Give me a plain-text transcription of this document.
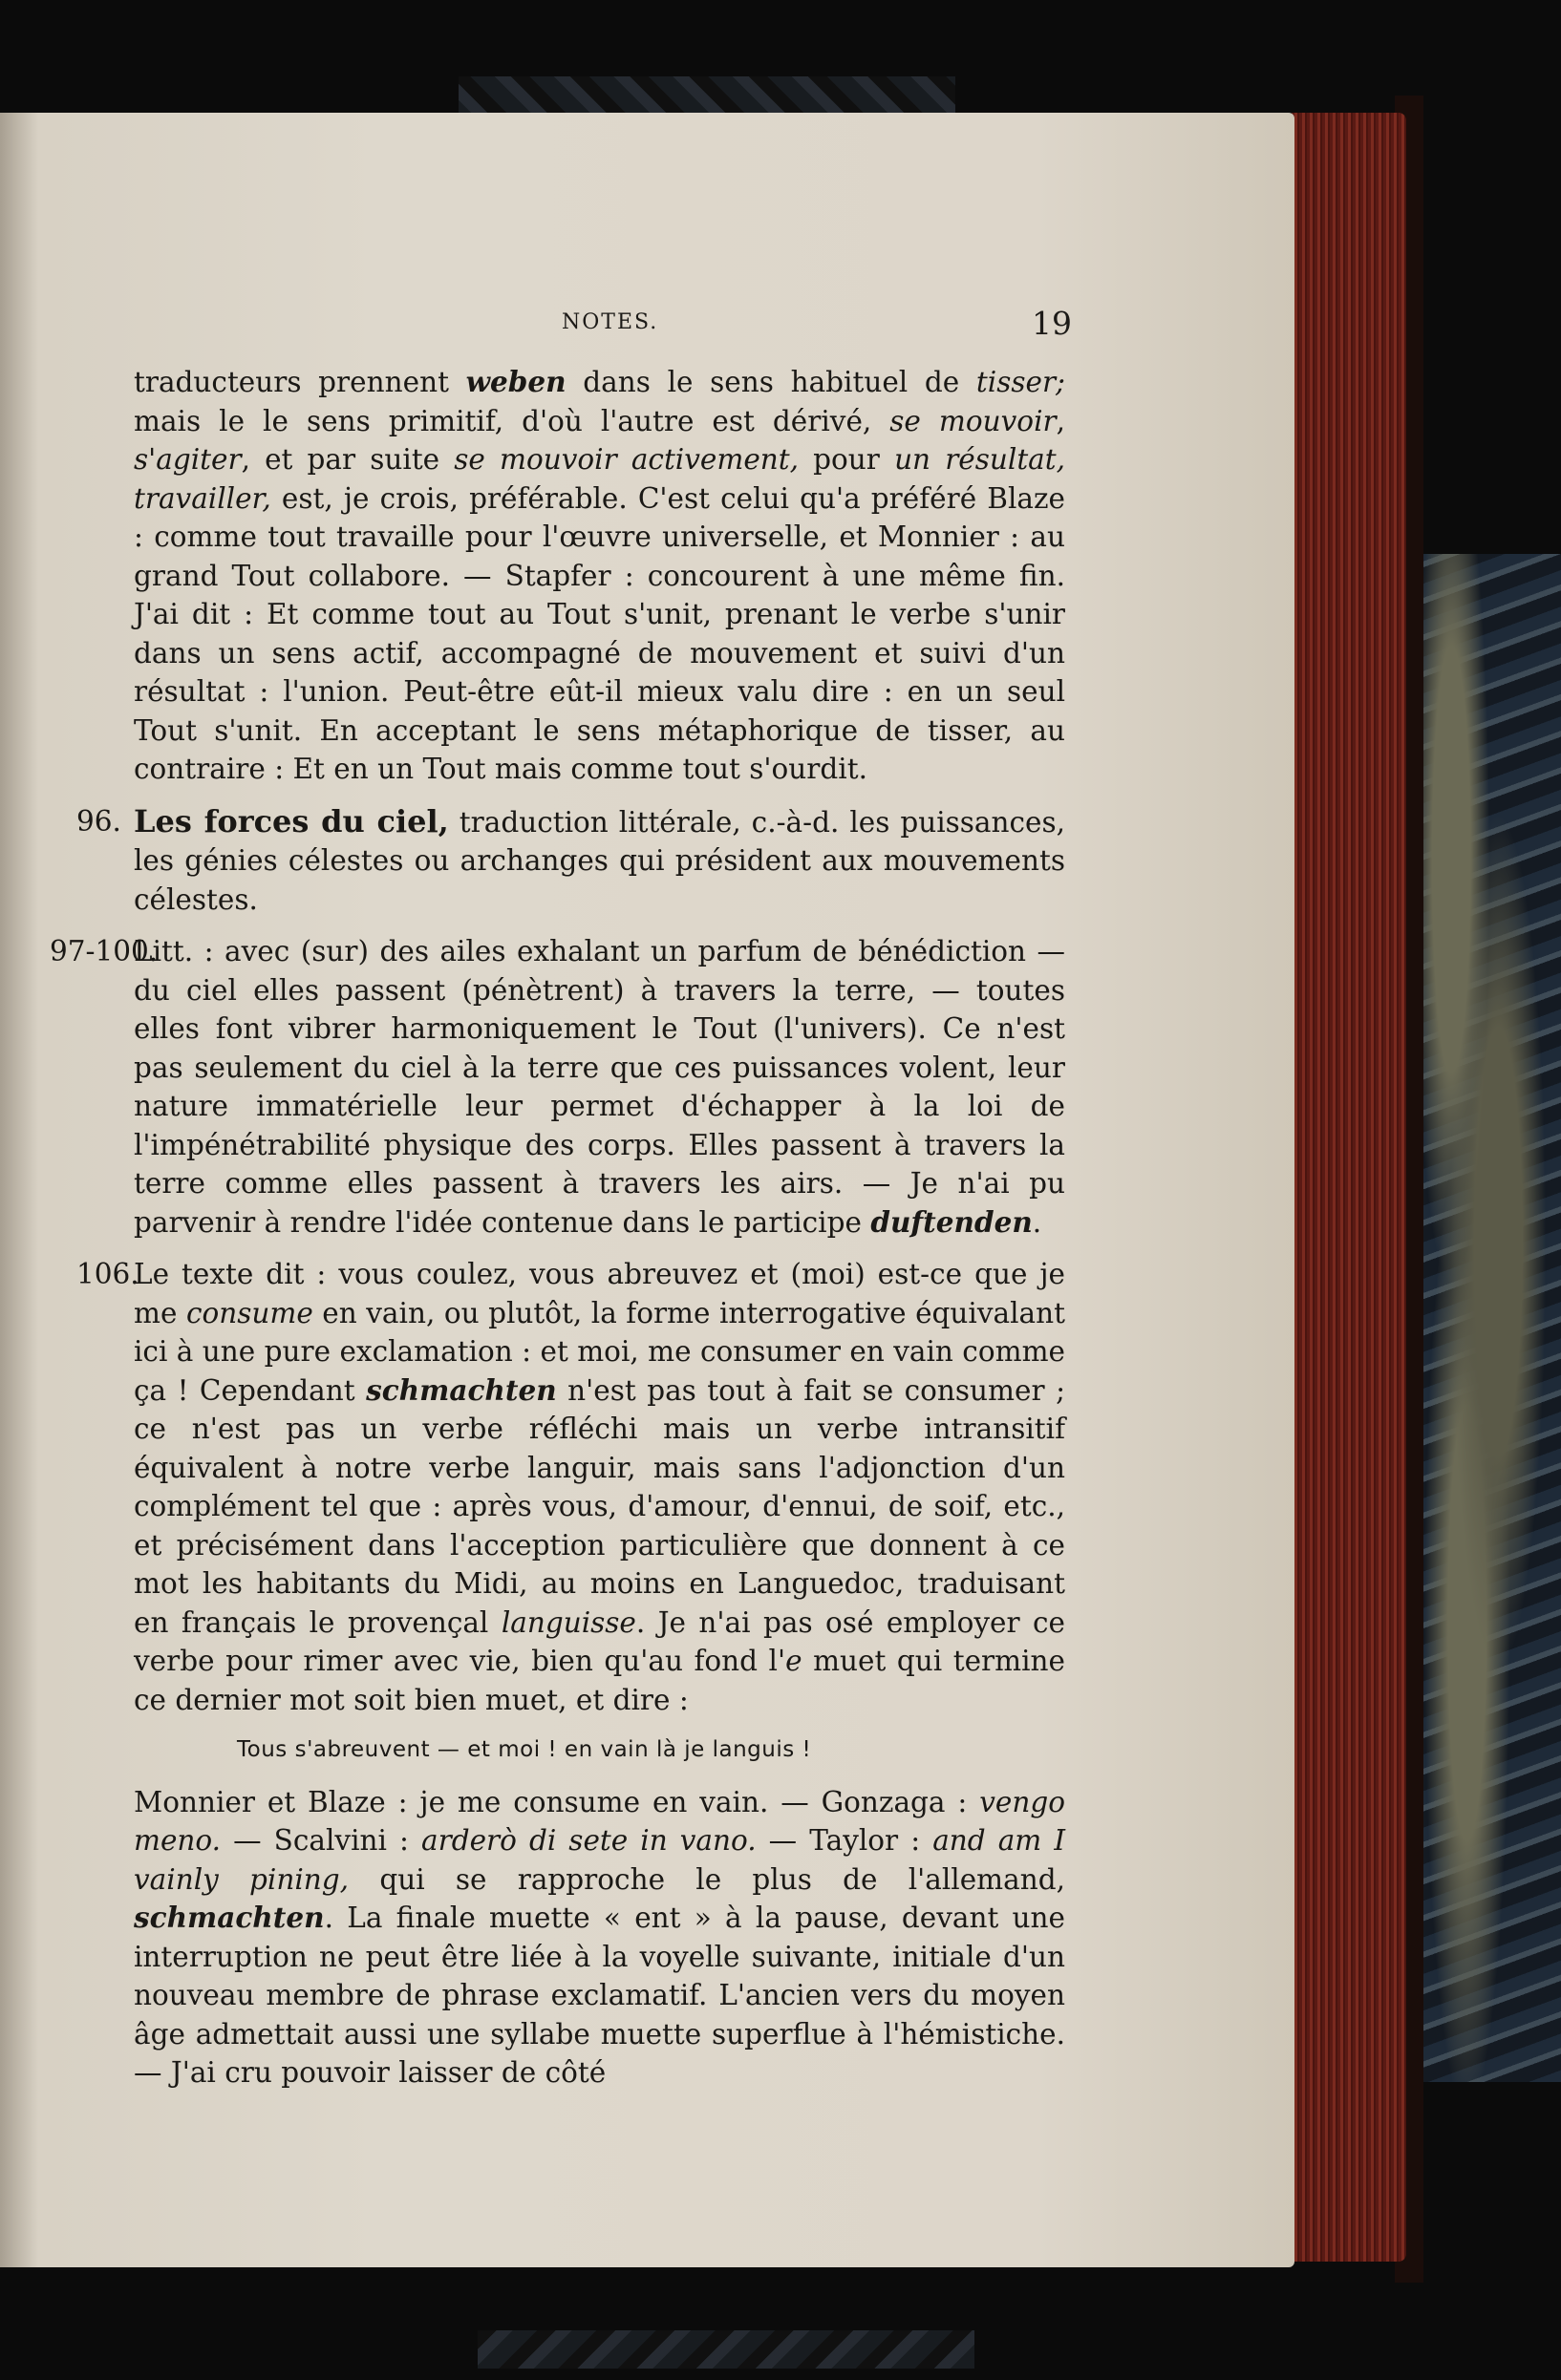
NOTES.	19

traducteurs prennent weben dans le sens habituel de tisser; mais le le sens primitif, d'où l'autre est dérivé, se mouvoir, s'agiter, et par suite se mouvoir activement, pour un résultat, travailler, est, je crois, préférable. C'est celui qu'a préféré Blaze : comme tout travaille pour l'œuvre universelle, et Monnier : au grand Tout collabore. — Stapfer : concourent à une même fin. J'ai dit : Et comme tout au Tout s'unit, prenant le verbe s'unir dans un sens actif, accompagné de mouvement et suivi d'un résultat : l'union. Peut-être eût-il mieux valu dire : en un seul Tout s'unit. En acceptant le sens métaphorique de tisser, au contraire : Et en un Tout mais comme tout s'ourdit.

96. Les forces du ciel, traduction littérale, c.-à-d. les puissances, les génies célestes ou archanges qui président aux mouvements célestes.
97-100.
Litt. : avec (sur) des ailes exhalant un parfum de bénédiction — du ciel elles passent (pénètrent) à travers la terre, — toutes elles font vibrer harmoniquement le Tout (l'univers). Ce n'est pas seulement du ciel à la terre que ces puissances volent, leur nature immatérielle leur permet d'échapper à la loi de l'impénétrabilité physique des corps. Elles passent à travers la terre comme elles passent à travers les airs. — Je n'ai pu parvenir à rendre l'idée contenue dans le participe duftenden.
106.
Le texte dit : vous coulez, vous abreuvez et (moi) est-ce que je me consume en vain, ou plutôt, la forme interrogative équivalant ici à une pure exclamation : et moi, me consumer en vain comme ça ! Cependant schmachten n'est pas tout à fait se consumer ; ce n'est pas un verbe réfléchi mais un verbe intransitif équivalent à notre verbe languir, mais sans l'adjonction d'un complément tel que : après vous, d'amour, d'ennui, de soif, etc., et précisément dans l'acception particulière que donnent à ce mot les habitants du Midi, au moins en Languedoc, traduisant en français le provençal languisse. Je n'ai pas osé employer ce verbe pour rimer avec vie, bien qu'au fond l'e muet qui termine ce dernier mot soit bien muet, et dire :
Tous s'abreuvent — et moi ! en vain là je languis !

Monnier et Blaze : je me consume en vain. — Gonzaga : vengo meno. — Scalvini : arderò di sete in vano. — Taylor : and am I vainly pining, qui se rapproche le plus de l'allemand, schmachten. La finale muette « ent » à la pause, devant une interruption ne peut être liée à la voyelle suivante, initiale d'un nouveau membre de phrase exclamatif. L'ancien vers du moyen âge admettait aussi une syllabe muette superflue à l'hémistiche. — J'ai cru pouvoir laisser de côté
